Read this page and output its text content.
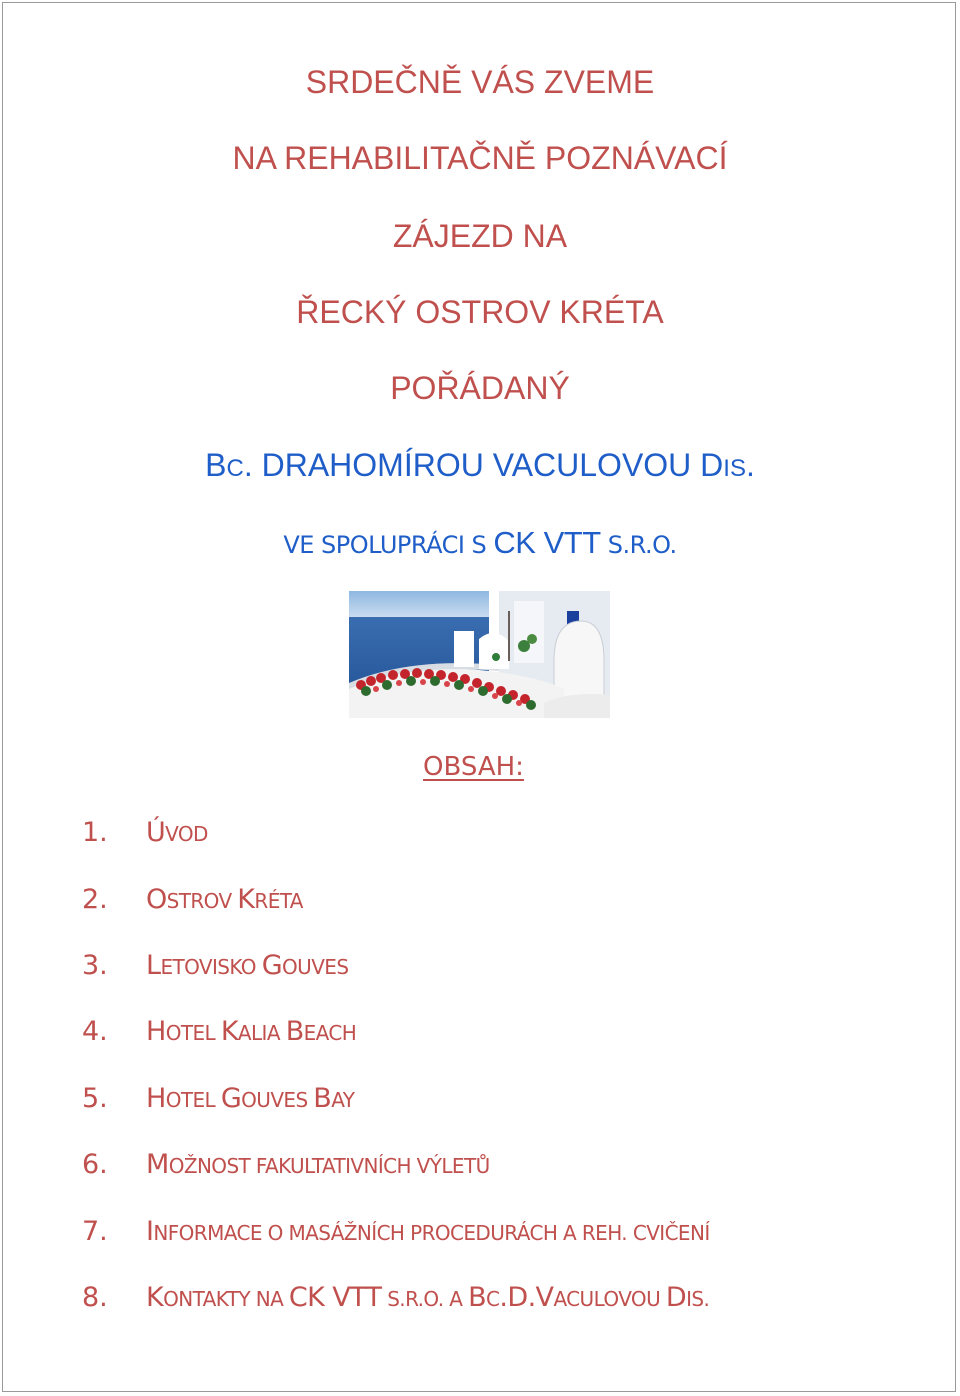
SRDEČNĚ VÁS ZVEME
NA REHABILITAČNĚ POZNÁVACÍ
ZÁJEZD NA
ŘECKÝ OSTROV KRÉTA
POŘÁDANÝ
BC. DRAHOMÍROU VACULOVOU DIS.
VE SPOLUPRÁCI S CK VTT S.R.O.
OBSAH:
1. ÚVOD
2. OSTROV KRÉTA
3. LETOVISKO GOUVES
4. HOTEL KALIA BEACH
5. HOTEL GOUVES BAY
6. MOŽNOST FAKULTATIVNÍCH VÝLETŮ
7. INFORMACE O MASÁŽNÍCH PROCEDURÁCH A REH. CVIČENÍ
8. KONTAKTY NA CK VTT S.R.O. A BC.D.VACULOVOU DIS.
